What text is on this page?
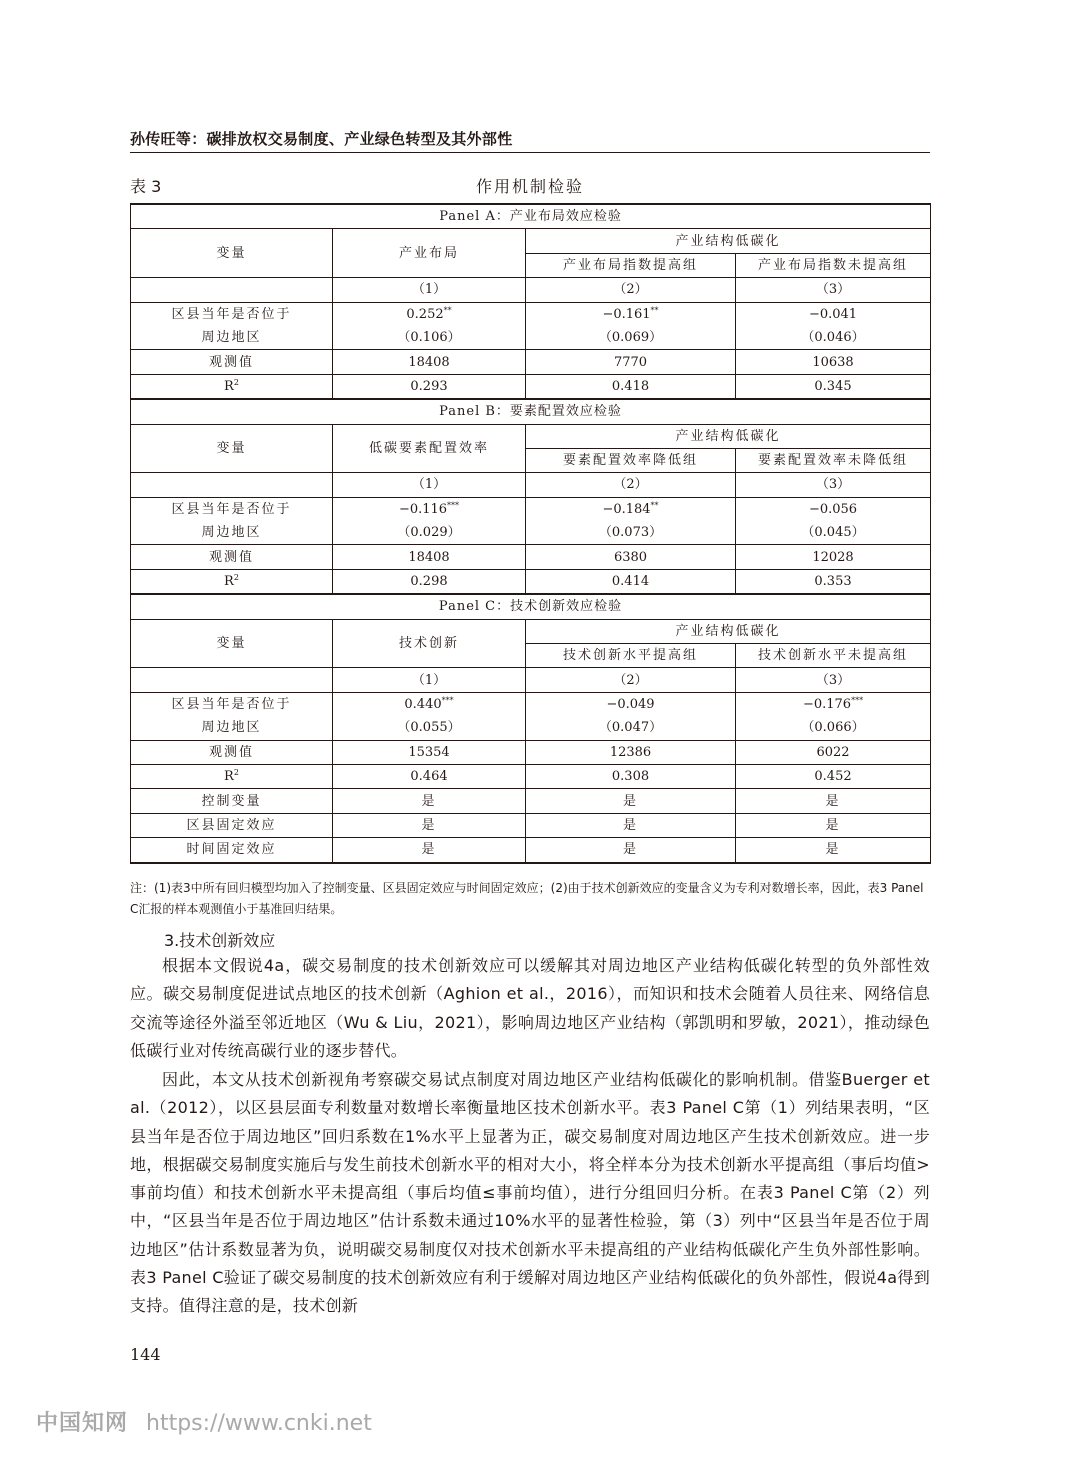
孙传旺等：碳排放权交易制度、产业绿色转型及其外部性
作用机制检验
表 3
Panel A：产业布局效应检验			
变量	产业布局	产业结构低碳化	
		产业布局指数提高组	产业布局指数未提高组
	（1）	（2）	（3）
区县当年是否位于	0.252**	−0.161**	−0.041
周边地区	（0.106）	（0.069）	（0.046）
观测值	18408	7770	10638
$R^2$	0.293	0.418	0.345
Panel B：要素配置效应检验			
变量	低碳要素配置效率	产业结构低碳化	
		要素配置效率降低组	要素配置效率未降低组
	（1）	（2）	（3）
区县当年是否位于	−0.116***	−0.184**	−0.056
周边地区	（0.029）	（0.073）	（0.045）
观测值	18408	6380	12028
$R^2$	0.298	0.414	0.353
Panel C：技术创新效应检验			
变量	技术创新	产业结构低碳化	
		技术创新水平提高组	技术创新水平未提高组
	（1）	（2）	（3）
区县当年是否位于	0.440***	−0.049	−0.176***
周边地区	（0.055）	（0.047）	（0.066）
观测值	15354	12386	6022
$R^2$	0.464	0.308	0.452
控制变量	是	是	是
区县固定效应	是	是	是
时间固定效应	是	是	是
注：(1)表3中所有回归模型均加入了控制变量、区县固定效应与时间固定效应；(2)由于技术创新效应的变量含义为专利对数增长率，因此，表3 Panel C汇报的样本观测值小于基准回归结果。
3.技术创新效应

根据本文假说4a，碳交易制度的技术创新效应可以缓解其对周边地区产业结构低碳化转型的负外部性效应。碳交易制度促进试点地区的技术创新（Aghion et al.，2016），而知识和技术会随着人员往来、网络信息交流等途径外溢至邻近地区（Wu & Liu，2021），影响周边地区产业结构（郭凯明和罗敏，2021），推动绿色低碳行业对传统高碳行业的逐步替代。

因此，本文从技术创新视角考察碳交易试点制度对周边地区产业结构低碳化的影响机制。借鉴Buerger et al.（2012），以区县层面专利数量对数增长率衡量地区技术创新水平。表3 Panel C第（1）列结果表明，“区县当年是否位于周边地区”回归系数在1%水平上显著为正，碳交易制度对周边地区产生技术创新效应。进一步地，根据碳交易制度实施后与发生前技术创新水平的相对大小，将全样本分为技术创新水平提高组（事后均值>事前均值）和技术创新水平未提高组（事后均值≤事前均值），进行分组回归分析。在表3 Panel C第（2）列中，“区县当年是否位于周边地区”估计系数未通过10%水平的显著性检验，第（3）列中“区县当年是否位于周边地区”估计系数显著为负，说明碳交易制度仅对技术创新水平未提高组的产业结构低碳化产生负外部性影响。表3 Panel C验证了碳交易制度的技术创新效应有利于缓解对周边地区产业结构低碳化的负外部性，假说4a得到支持。值得注意的是，技术创新

144
中国知网 https://www.cnki.net
